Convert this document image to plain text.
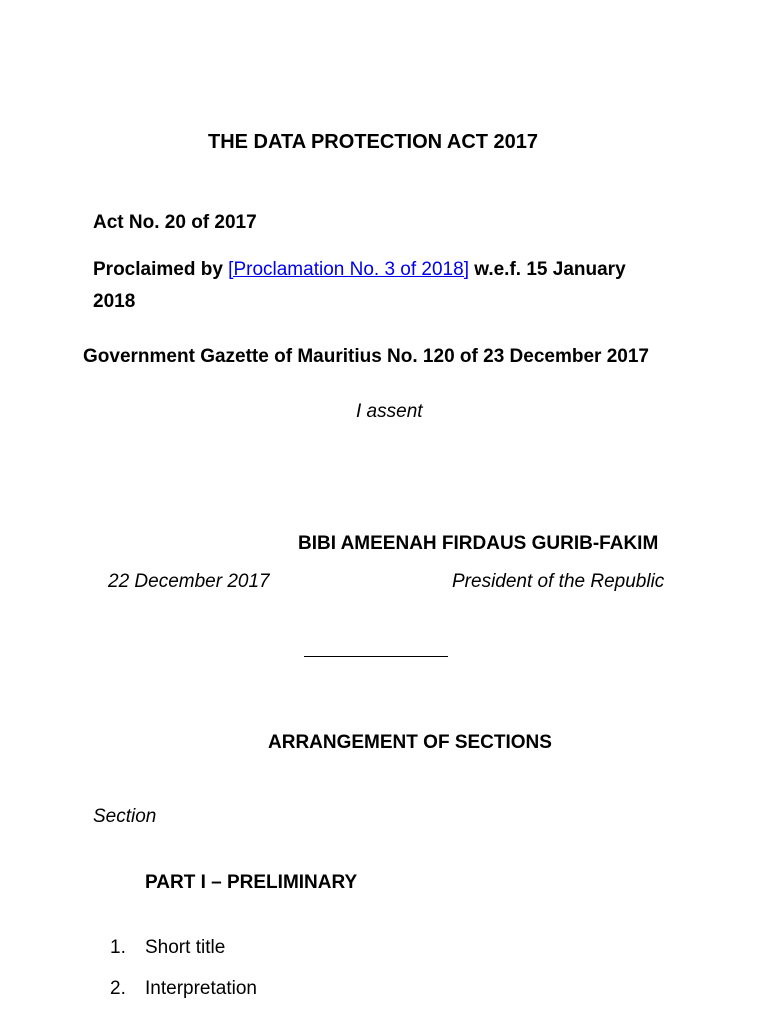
THE DATA PROTECTION ACT 2017
Act No. 20 of 2017
Proclaimed by [Proclamation No. 3 of 2018] w.e.f. 15 January
2018
Government Gazette of Mauritius No. 120 of 23 December 2017
I assent
BIBI AMEENAH FIRDAUS GURIB-FAKIM
22 December 2017	President of the Republic
ARRANGEMENT OF SECTIONS
Section
PART I – PRELIMINARY
1. Short title
2. Interpretation
